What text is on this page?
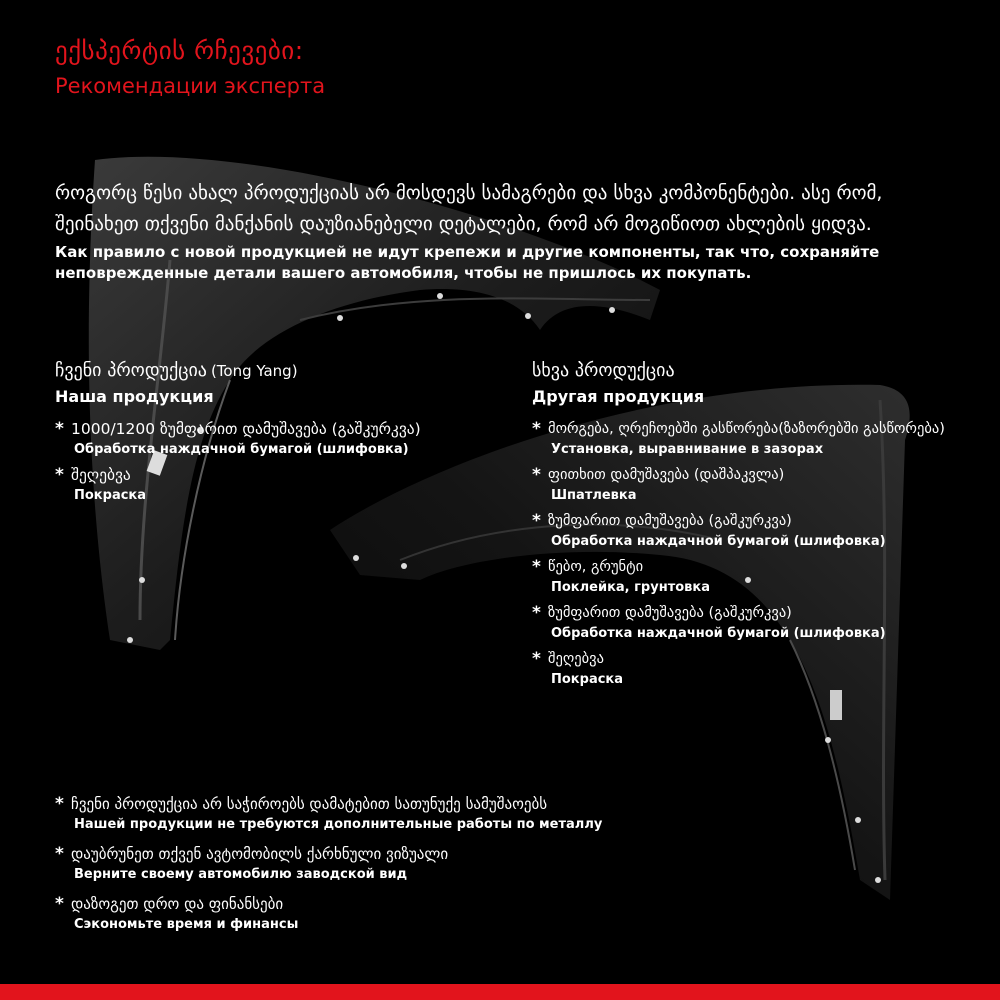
ექსპერტის რჩევები:
Рекомендации эксперта
როგორც წესი ახალ პროდუქციას არ მოსდევს სამაგრები და სხვა კომპონენტები. ასე რომ, შეინახეთ თქვენი მანქანის დაუზიანებელი დეტალები, რომ არ მოგიწიოთ ახლების ყიდვა.
Как правило с новой продукцией не идут крепежи и другие компоненты, так что, сохраняйте неповрежденные детали вашего автомобиля, чтобы не пришлось их покупать.
ჩვენი პროდუქცია (Tong Yang)
Наша продукция
* 1000/1200 ზუმფარით დამუშავება (გაშკურკვა)
Обработка наждачной бумагой (шлифовка)
* შეღებვა
Покраска
სხვა პროდუქცია
Другая продукция
* მორგება, ღრეჩოებში გასწორება(ზაზორებში გასწორება)
Установка, выравнивание в зазорах
* ფითხით დამუშავება (დაშპაკვლა)
Шпатлевка
* ზუმფარით დამუშავება (გაშკურკვა)
Обработка наждачной бумагой (шлифовка)
* წებო, გრუნტი
Поклейка, грунтовка
* ზუმფარით დამუშავება (გაშკურკვა)
Обработка наждачной бумагой (шлифовка)
* შეღებვა
Покраска
* ჩვენი პროდუქცია არ საჭიროებს დამატებით სათუნუქე სამუშაოებს
Нашей продукции не требуются дополнительные работы по металлу
* დაუბრუნეთ თქვენ ავტომობილს ქარხნული ვიზუალი
Верните своему автомобилю заводской вид
* დაზოგეთ დრო და ფინანსები
Сэкономьте время и финансы
